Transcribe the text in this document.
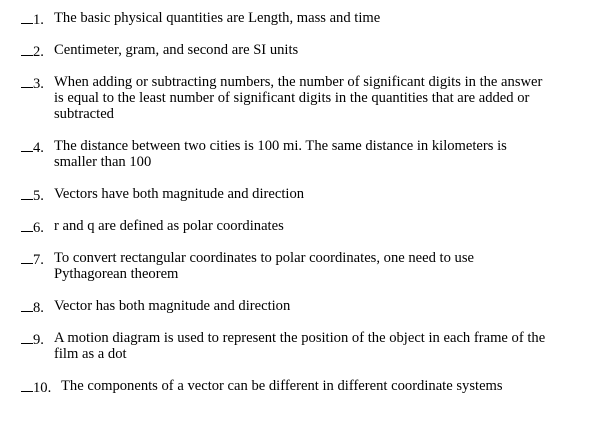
1. The basic physical quantities are Length, mass and time
2. Centimeter, gram, and second are SI units
3. When adding or subtracting numbers, the number of significant digits in the answer
is equal to the least number of significant digits in the quantities that are added or
subtracted
4. The distance between two cities is 100 mi. The same distance in kilometers is
smaller than 100
5. Vectors have both magnitude and direction
6. r and q are defined as polar coordinates
7. To convert rectangular coordinates to polar coordinates, one need to use
Pythagorean theorem
8. Vector has both magnitude and direction
9. A motion diagram is used to represent the position of the object in each frame of the
film as a dot
10. The components of a vector can be different in different coordinate systems
